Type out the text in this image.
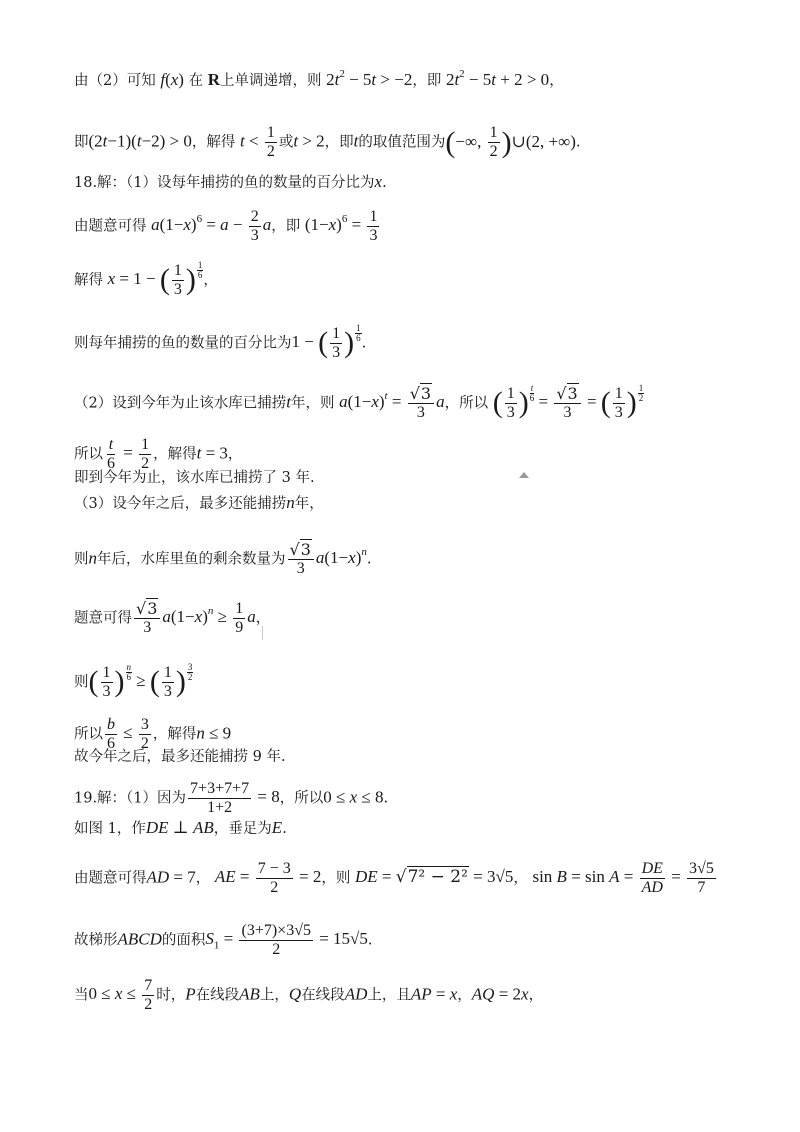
由（2）可知 f(x) 在 R上单调递增，则 $2t^2 - 5t > -2$，即 $2t^2 - 5t + 2 > 0$，
即(2t−1)(t−2) > 0，解得 $t < \frac{1}{2}$ 或t > 2，即t的取值范围为(−∞, $\frac{1}{2}$ )∪(2, +∞).
18.解：（1）设每年捕捞的鱼的数量的百分比为x.
由题意可得 $a(1-x)^6 = a - \frac{2}{3}$ a，即 $(1-x)^6 = \frac{1}{3}$
解得 x = 1 − ( $\frac{1}{3}$ ) $\frac{1}{6}$ ，
则每年捕捞的鱼的数量的百分比为1 − ( $\frac{1}{3}$ ) $\frac{1}{6}$ .
（2）设到今年为止该水库已捕捞t年，则 $a(1-x)^t = \frac{√3}{3}$ a，所以 ( $\frac{1}{3}$ ) $\frac{t}{6} = \frac{√3}{3}$ = ( $\frac{1}{3}$ ) $\frac{1}{2}$
所以 $\frac{t}{6} = \frac{1}{2}$ ，解得t = 3，
即到今年为止，该水库已捕捞了 3 年.
（3）设今年之后，最多还能捕捞n年，
则n年后，水库里鱼的剩余数量为 $\frac{√3}{3} a(1-x)^n$.
题意可得 $\frac{√3}{3} a(1-x)^n \ge \frac{1}{9}$ a，
则( $\frac{1}{3}$ ) $\frac{n}{6}$ ≥ ( $\frac{1}{3}$ ) $\frac{3}{2}$
所以 $\frac{b}{6} \le \frac{3}{2}$ ，解得n ≤ 9
故今年之后，最多还能捕捞 9 年.
19.解：（1）因为 $\frac{7+3+7+7}{1+2} = 8$，所以0 ≤ x ≤ 8.
如图 1，作DE ⊥ AB，垂足为E.
由题意可得AD = 7， AE = $\frac{7 - 3}{2} = 2$，则 DE = √7² − 2² = 3√5， $\sin B = \sin A = \frac{DE}{AD} = \frac{3√5}{7}$
故梯形ABCD的面积$S_1 = \frac{(3+7)\times 3√5}{2} = 15√5$.
当$0 \le x \le \frac{7}{2}$ 时，P在线段AB上，Q在线段AD上，且AP = x，AQ = 2x，
